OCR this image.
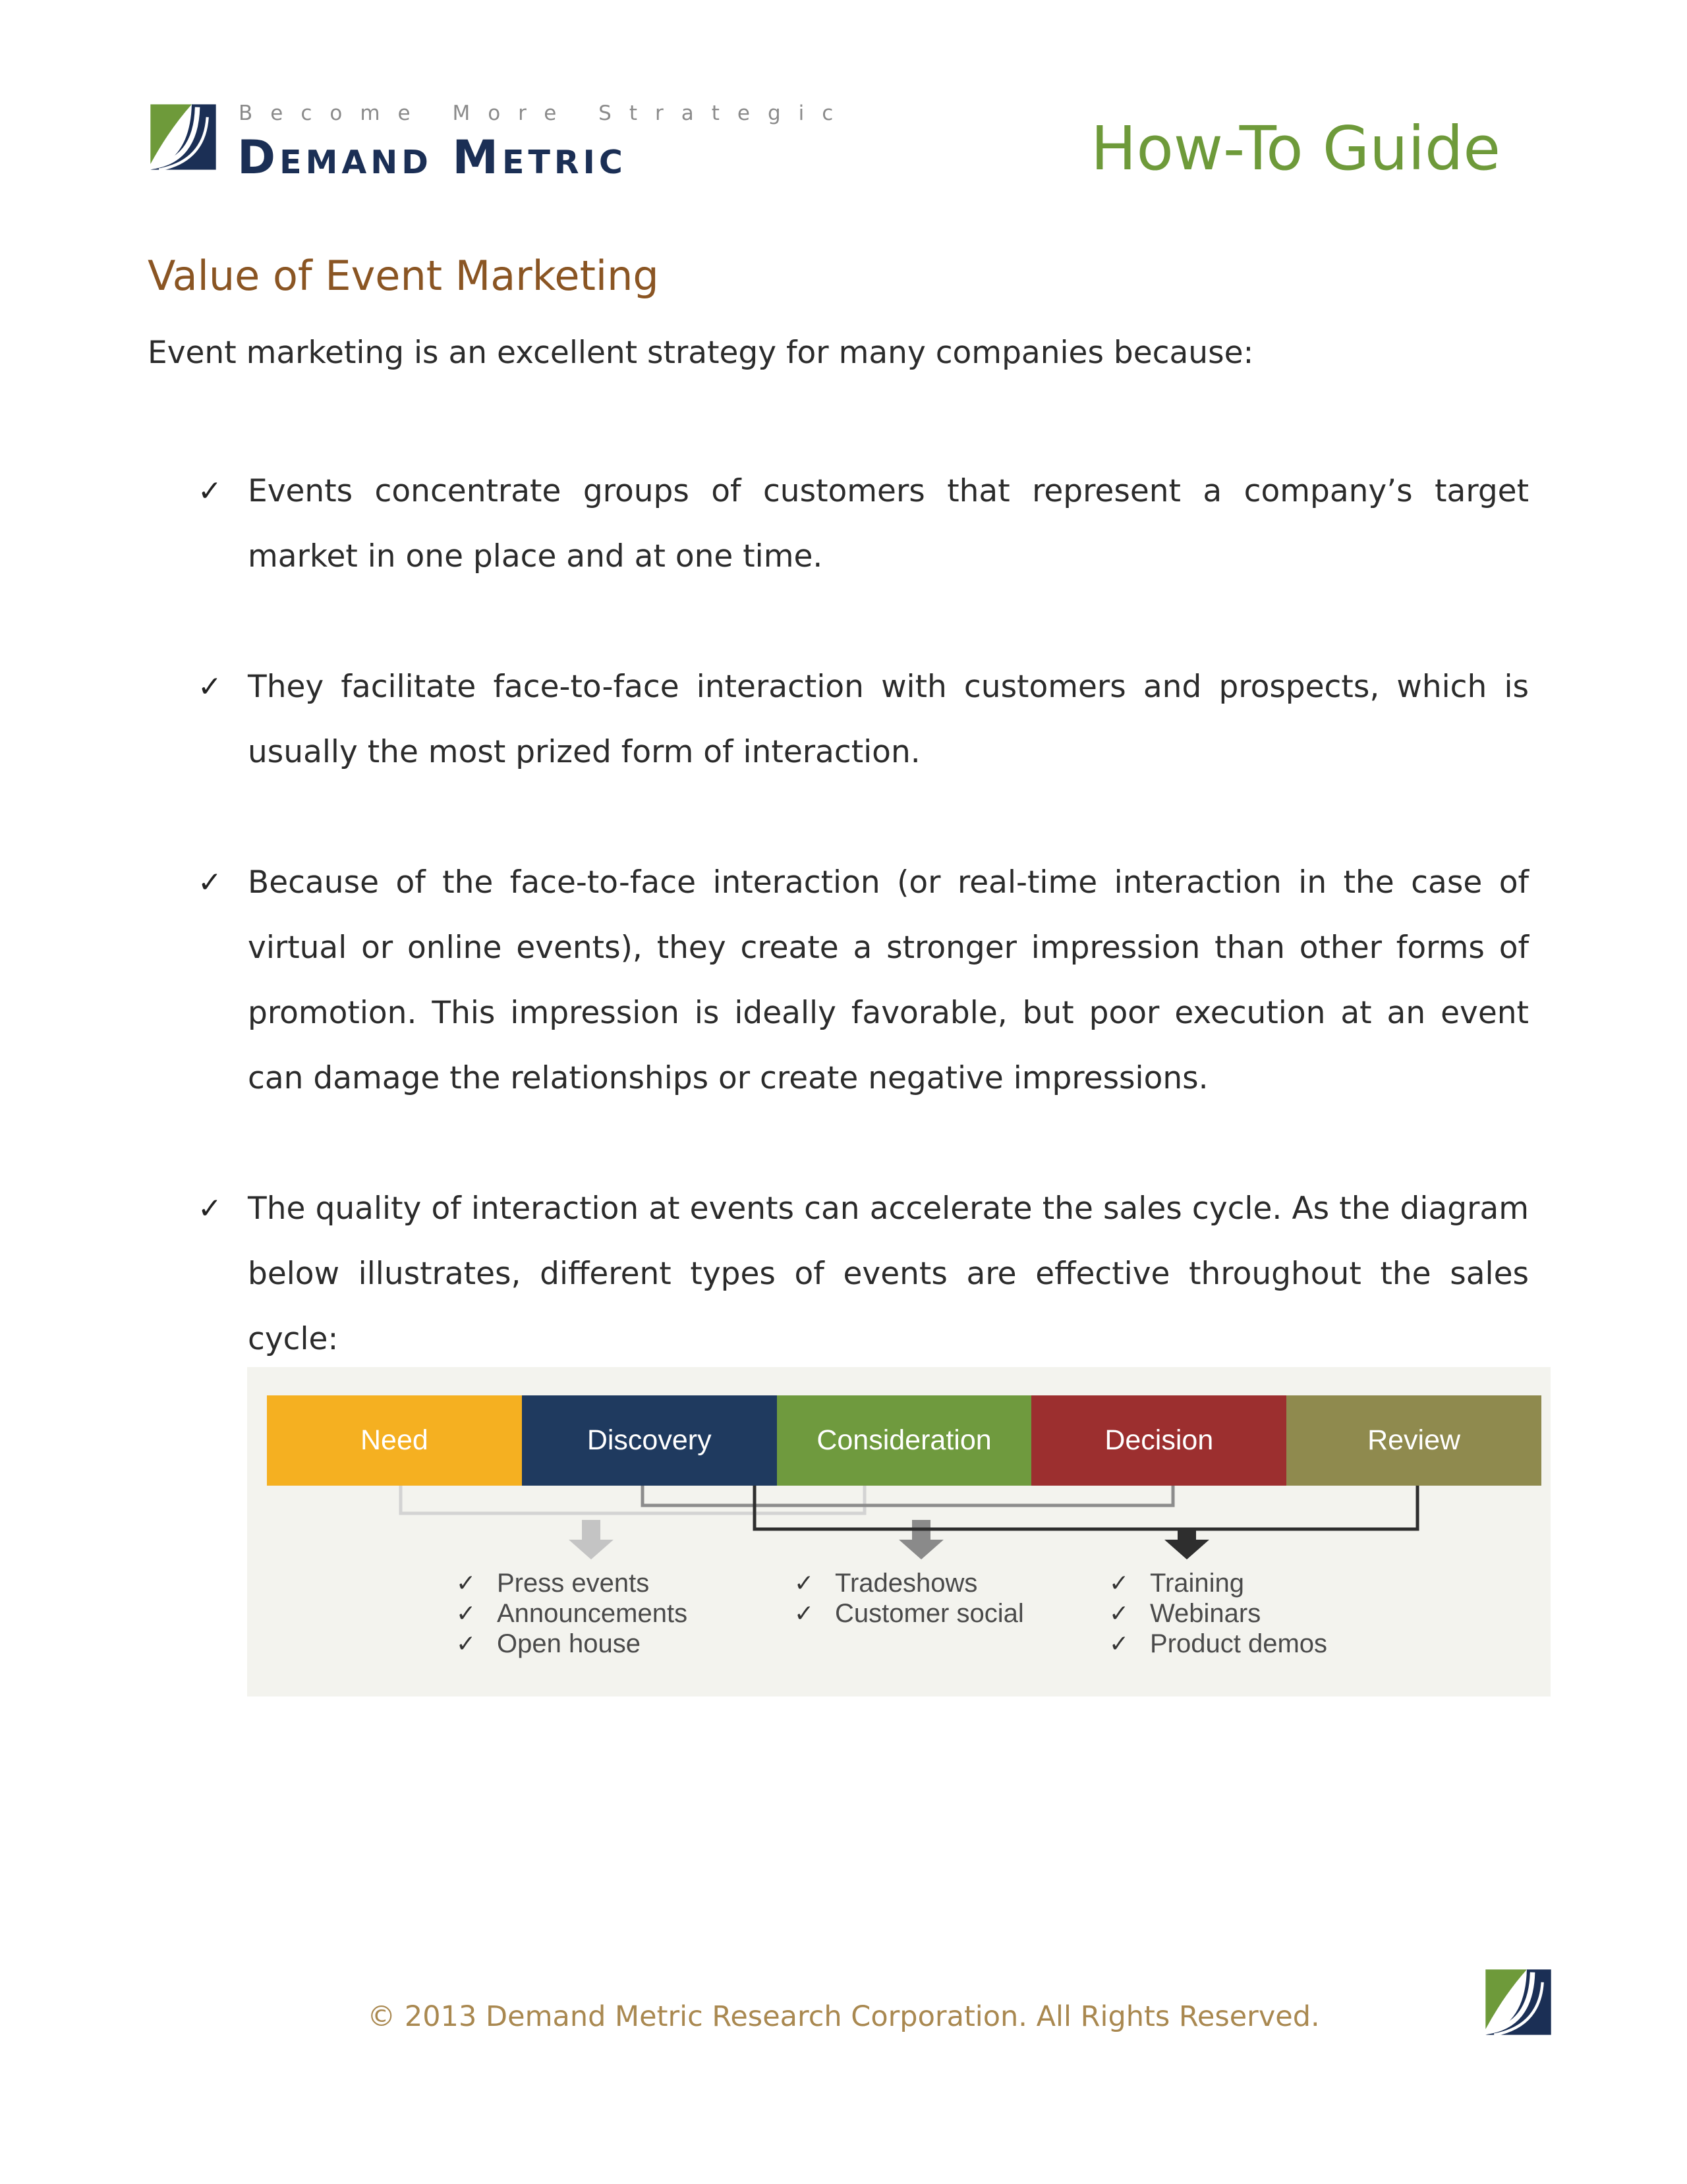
Become More Strategic
Demand Metric	How-To Guide
Value of Event Marketing
Event marketing is an excellent strategy for many companies because:
✓ Events concentrate groups of customers that represent a company’s target market in one place and at one time.
✓ They facilitate face-to-face interaction with customers and prospects, which is usually the most prized form of interaction.
✓ Because of the face-to-face interaction (or real-time interaction in the case of virtual or online events), they create a stronger impression than other forms of promotion. This impression is ideally favorable, but poor execution at an event can damage the relationships or create negative impressions.
✓ The quality of interaction at events can accelerate the sales cycle. As the diagram below illustrates, different types of events are effective throughout the sales cycle:
Need	Discovery	Consideration	Decision	Review
✓ Press events
✓ Announcements
✓ Open house
✓ Tradeshows
✓ Customer social
✓ Training
✓ Webinars
✓ Product demos
© 2013 Demand Metric Research Corporation. All Rights Reserved.
